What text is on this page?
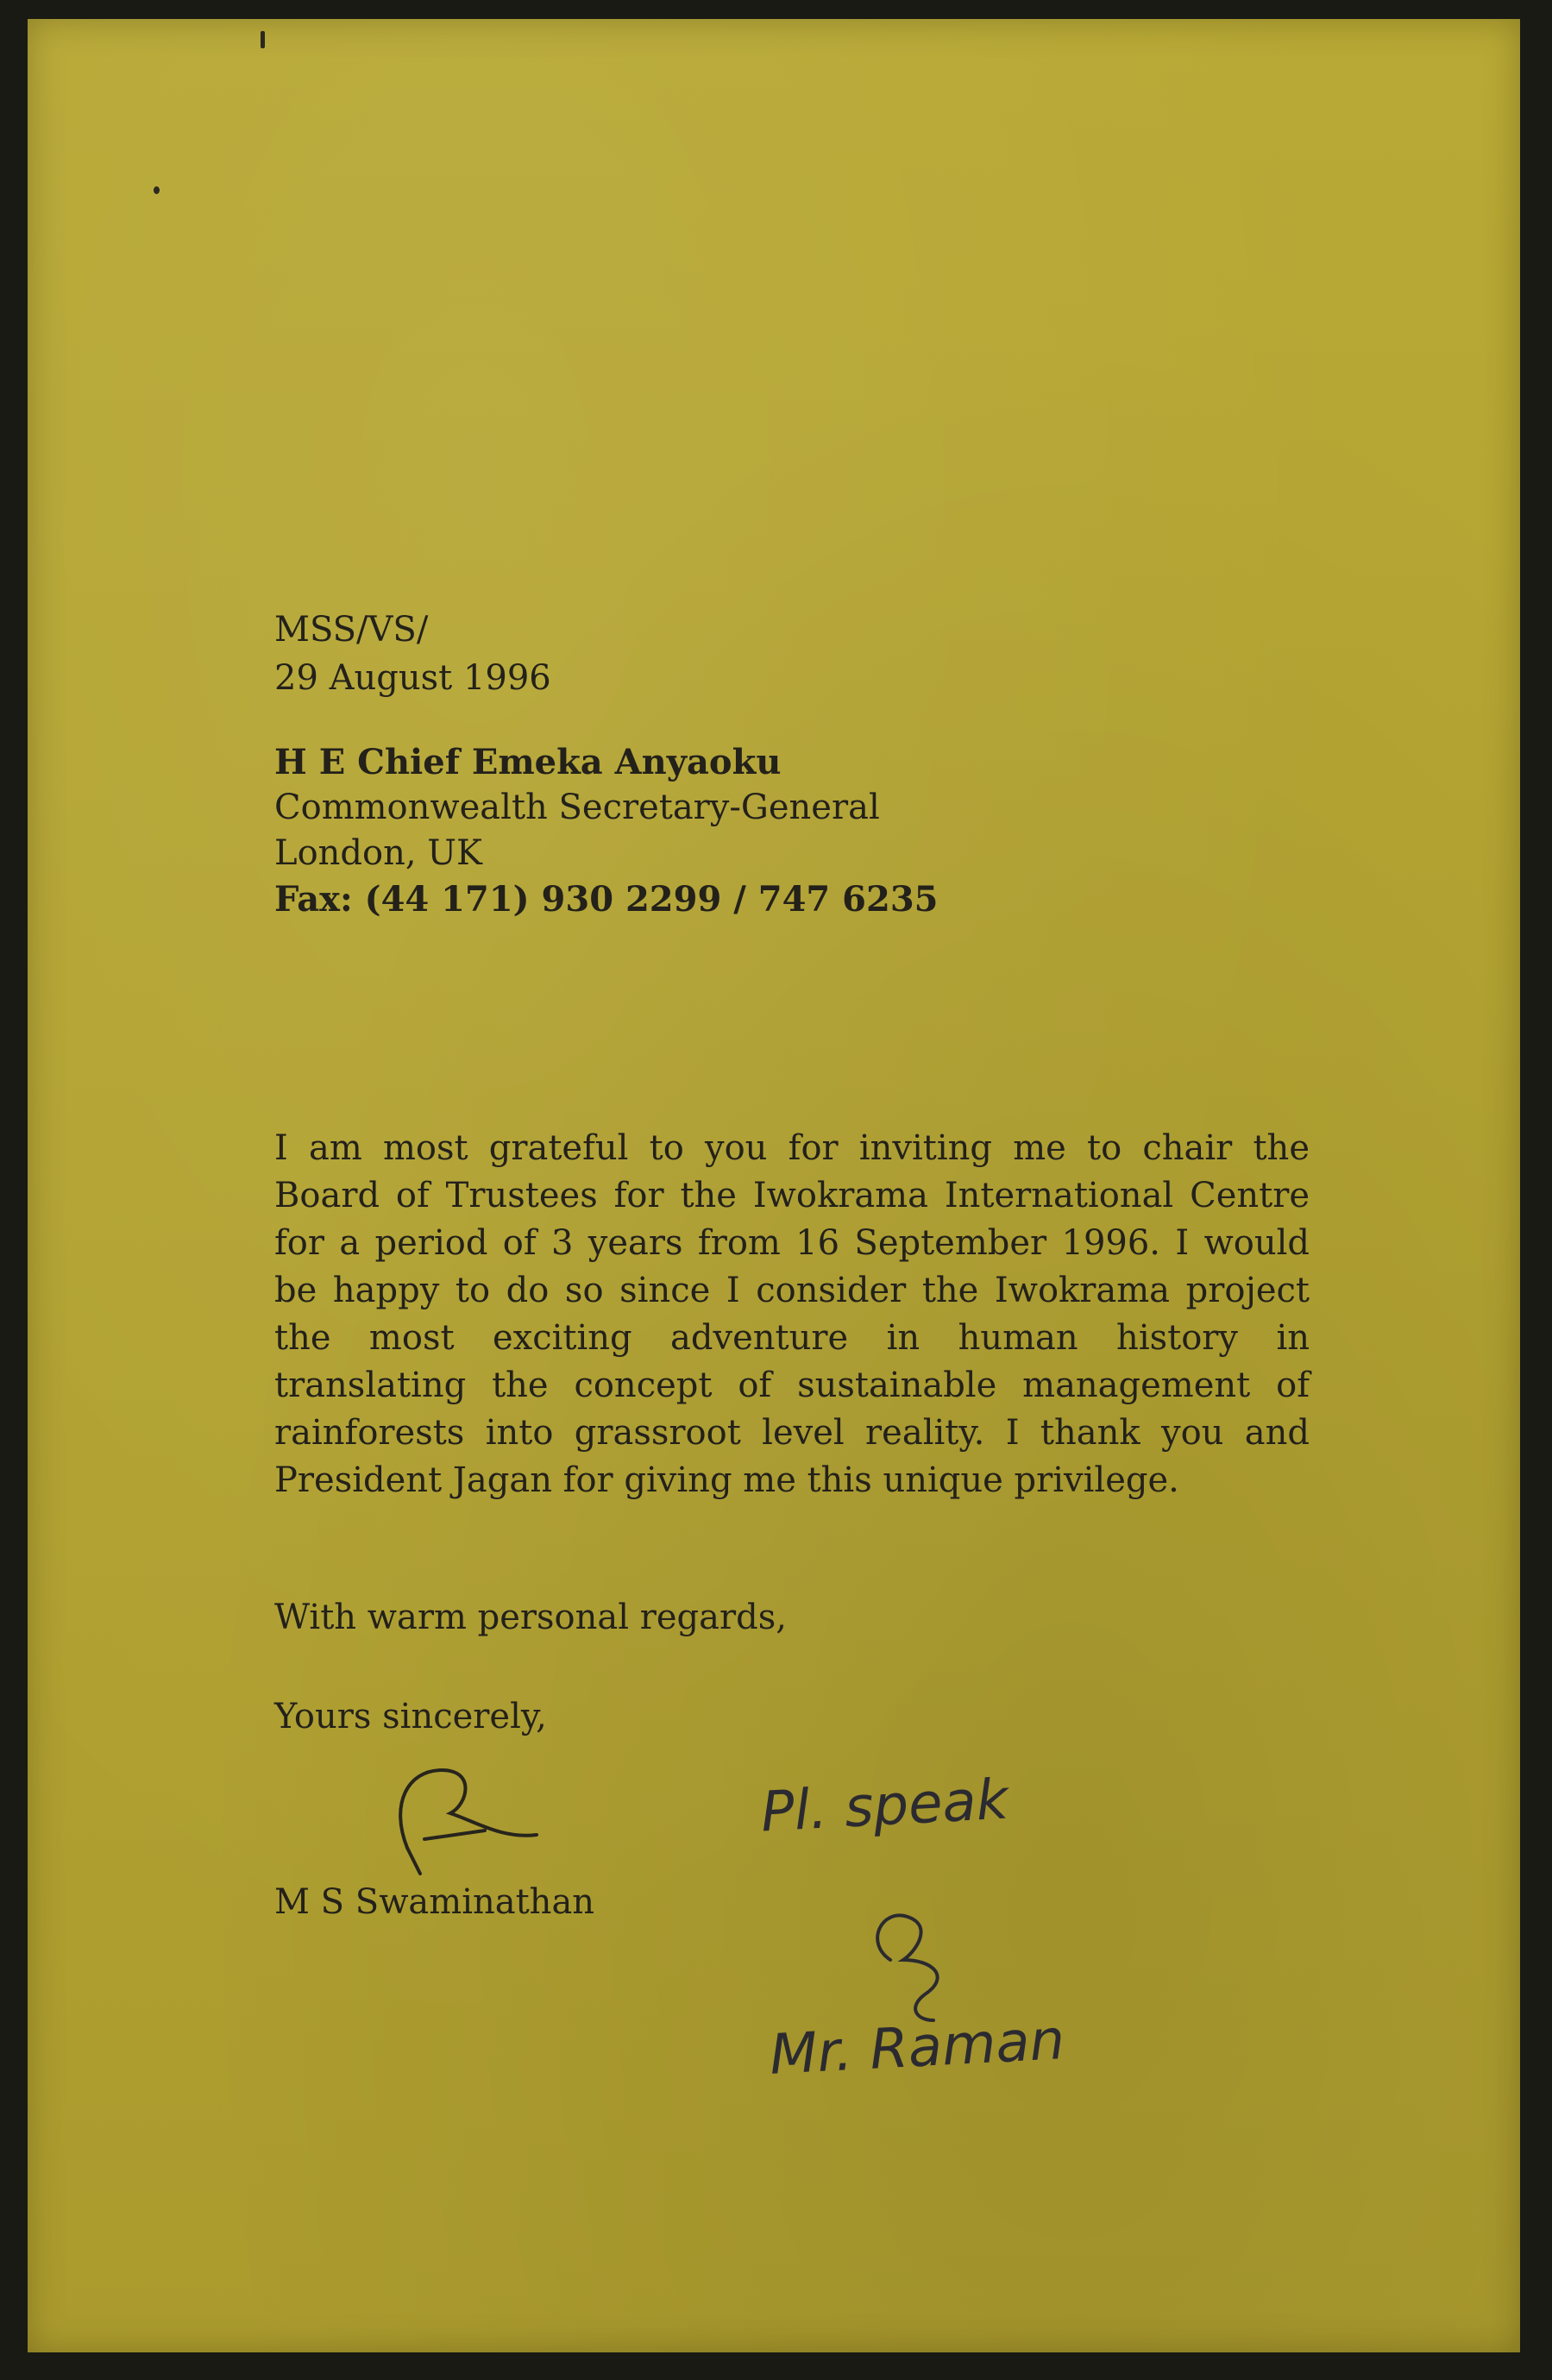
MSS/VS/
29 August 1996
H E Chief Emeka Anyaoku
Commonwealth Secretary-General
London, UK
Fax: (44 171) 930 2299 / 747 6235
I am most grateful to you for inviting me to chair the Board of Trustees for the Iwokrama International Centre for a period of 3 years from 16 September 1996. I would be happy to do so since I consider the Iwokrama project the most exciting adventure in human history in translating the concept of sustainable management of rainforests into grassroot level reality. I thank you and President Jagan for giving me this unique privilege.
With warm personal regards,
Yours sincerely,
M S Swaminathan
Pl. speak
Mr. Raman
